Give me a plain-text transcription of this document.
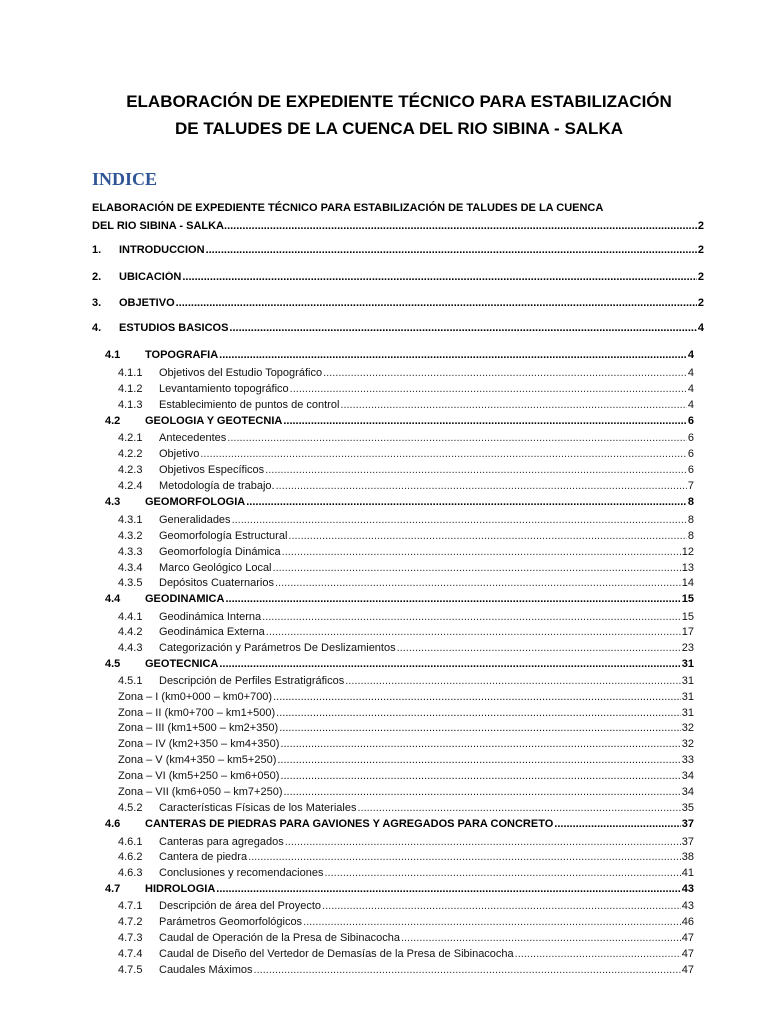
ELABORACIÓN DE EXPEDIENTE TÉCNICO PARA ESTABILIZACIÓN
DE TALUDES DE LA CUENCA DEL RIO SIBINA - SALKA
INDICE
ELABORACIÓN DE EXPEDIENTE TÉCNICO PARA ESTABILIZACIÓN DE TALUDES DE LA CUENCA
DEL RIO SIBINA - SALKA .....	2
1.	INTRODUCCION .....	2
2.	UBICACIÓN .....	2
3.	OBJETIVO .....	2
4.	ESTUDIOS BASICOS .....	4
4.1	TOPOGRAFIA .....	4
4.1.1	Objetivos del Estudio Topográfico .....	4
4.1.2	Levantamiento topográfico .....	4
4.1.3	Establecimiento de puntos de control .....	4
4.2	GEOLOGIA Y GEOTECNIA .....	6
4.2.1	Antecedentes .....	6
4.2.2	Objetivo .....	6
4.2.3	Objetivos Específicos .....	6
4.2.4	Metodología de trabajo. .....	7
4.3	GEOMORFOLOGIA .....	8
4.3.1	Generalidades .....	8
4.3.2	Geomorfología Estructural .....	8
4.3.3	Geomorfología Dinámica .....	12
4.3.4	Marco Geológico Local .....	13
4.3.5	Depósitos Cuaternarios .....	14
4.4	GEODINAMICA .....	15
4.4.1	Geodinámica Interna .....	15
4.4.2	Geodinámica Externa .....	17
4.4.3	Categorización y Parámetros De Deslizamientos .....	23
4.5	GEOTECNICA .....	31
4.5.1	Descripción de Perfiles Estratigráficos .....	31
Zona – I (km0+000 – km0+700) .....	31
Zona – II (km0+700 – km1+500) .....	31
Zona – III (km1+500 – km2+350) .....	32
Zona – IV (km2+350 – km4+350) .....	32
Zona – V (km4+350 – km5+250) .....	33
Zona – VI (km5+250 – km6+050) .....	34
Zona – VII (km6+050 – km7+250) .....	34
4.5.2	Características Físicas de los Materiales .....	35
4.6	CANTERAS DE PIEDRAS PARA GAVIONES Y AGREGADOS PARA CONCRETO .....	37
4.6.1	Canteras para agregados .....	37
4.6.2	Cantera de piedra .....	38
4.6.3	Conclusiones y recomendaciones .....	41
4.7	HIDROLOGIA .....	43
4.7.1	Descripción de área del Proyecto .....	43
4.7.2	Parámetros Geomorfológicos .....	46
4.7.3	Caudal de Operación de la Presa de Sibinacocha .....	47
4.7.4	Caudal de Diseño del Vertedor de Demasías de la Presa de Sibinacocha .....	47
4.7.5	Caudales Máximos .....	47
